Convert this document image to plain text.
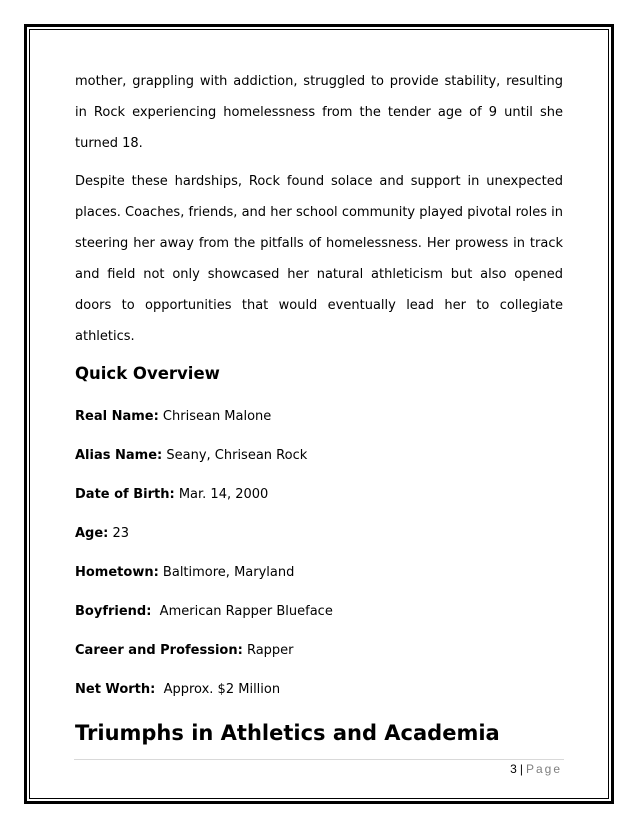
mother, grappling with addiction, struggled to provide stability, resulting in Rock experiencing homelessness from the tender age of 9 until she turned 18.

Despite these hardships, Rock found solace and support in unexpected places. Coaches, friends, and her school community played pivotal roles in steering her away from the pitfalls of homelessness. Her prowess in track and field not only showcased her natural athleticism but also opened doors to opportunities that would eventually lead her to collegiate athletics.

Quick Overview

Real Name: Chrisean Malone

Alias Name: Seany, Chrisean Rock

Date of Birth: Mar. 14, 2000

Age: 23

Hometown: Baltimore, Maryland

Boyfriend:  American Rapper Blueface

Career and Profession: Rapper

Net Worth:  Approx. $2 Million

Triumphs in Athletics and Academia
3 | Page
